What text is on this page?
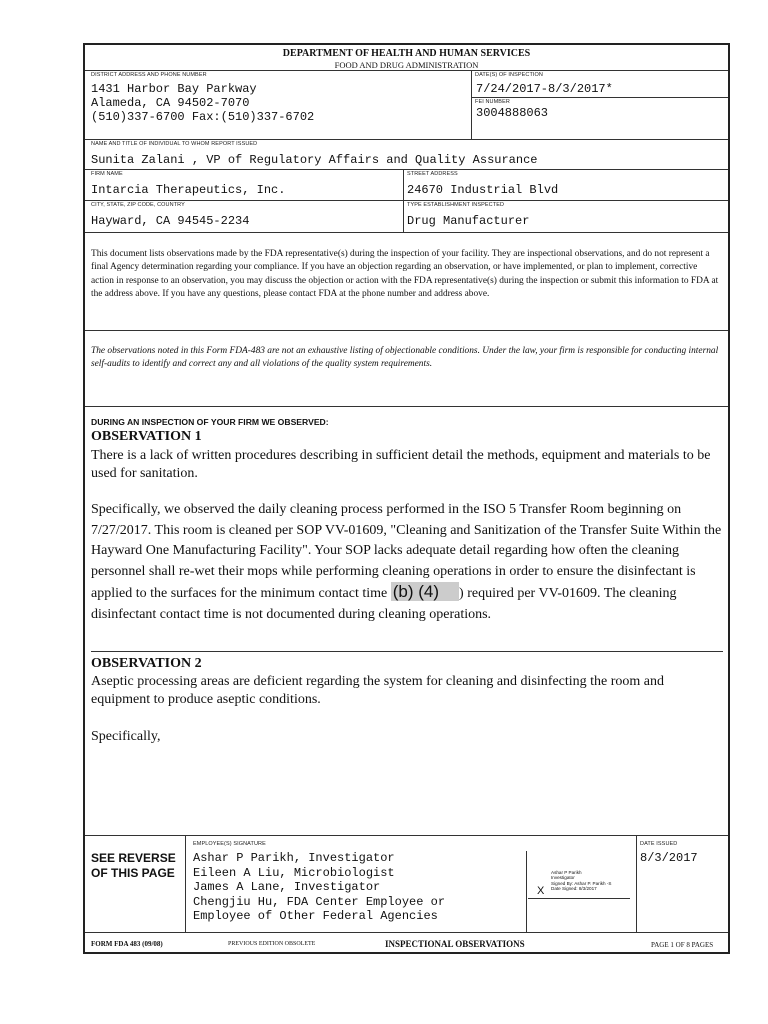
DEPARTMENT OF HEALTH AND HUMAN SERVICES
FOOD AND DRUG ADMINISTRATION
DISTRICT ADDRESS AND PHONE NUMBER
1431 Harbor Bay Parkway
Alameda, CA 94502-7070
(510)337-6700 Fax:(510)337-6702
DATE(S) OF INSPECTION
7/24/2017-8/3/2017*
FEI NUMBER
3004888063
NAME AND TITLE OF INDIVIDUAL TO WHOM REPORT ISSUED
Sunita Zalani , VP of Regulatory Affairs and Quality Assurance
FIRM NAME
Intarcia Therapeutics, Inc.
STREET ADDRESS
24670 Industrial Blvd
CITY, STATE, ZIP CODE, COUNTRY
Hayward, CA 94545-2234
TYPE ESTABLISHMENT INSPECTED
Drug Manufacturer
This document lists observations made by the FDA representative(s) during the inspection of your facility. They are inspectional observations, and do not represent a final Agency determination regarding your compliance. If you have an objection regarding an observation, or have implemented, or plan to implement, corrective action in response to an observation, you may discuss the objection or action with the FDA representative(s) during the inspection or submit this information to FDA at the address above. If you have any questions, please contact FDA at the phone number and address above.
The observations noted in this Form FDA-483 are not an exhaustive listing of objectionable conditions. Under the law, your firm is responsible for conducting internal self-audits to identify and correct any and all violations of the quality system requirements.
DURING AN INSPECTION OF YOUR FIRM WE OBSERVED:
OBSERVATION 1
There is a lack of written procedures describing in sufficient detail the methods, equipment and materials to be used for sanitation.
Specifically, we observed the daily cleaning process performed in the ISO 5 Transfer Room beginning on 7/27/2017. This room is cleaned per SOP VV-01609, "Cleaning and Sanitization of the Transfer Suite Within the Hayward One Manufacturing Facility". Your SOP lacks adequate detail regarding how often the cleaning personnel shall re-wet their mops while performing cleaning operations in order to ensure the disinfectant is applied to the surfaces for the minimum contact time (b) (4) ) required per VV-01609. The cleaning disinfectant contact time is not documented during cleaning operations.
OBSERVATION 2
Aseptic processing areas are deficient regarding the system for cleaning and disinfecting the room and equipment to produce aseptic conditions.
Specifically,
SEE REVERSE
OF THIS PAGE
EMPLOYEE(S) SIGNATURE
Ashar P Parikh, Investigator
Eileen A Liu, Microbiologist
James A Lane, Investigator
Chengjiu Hu, FDA Center Employee or
Employee of Other Federal Agencies
X
Ashar P Parikh
Investigator
Signed By: Ashar P. Parikh -S
Date Signed: 8/3/2017
DATE ISSUED
8/3/2017
FORM FDA 483 (09/08)	PREVIOUS EDITION OBSOLETE	INSPECTIONAL OBSERVATIONS	PAGE 1 OF 8 PAGES
